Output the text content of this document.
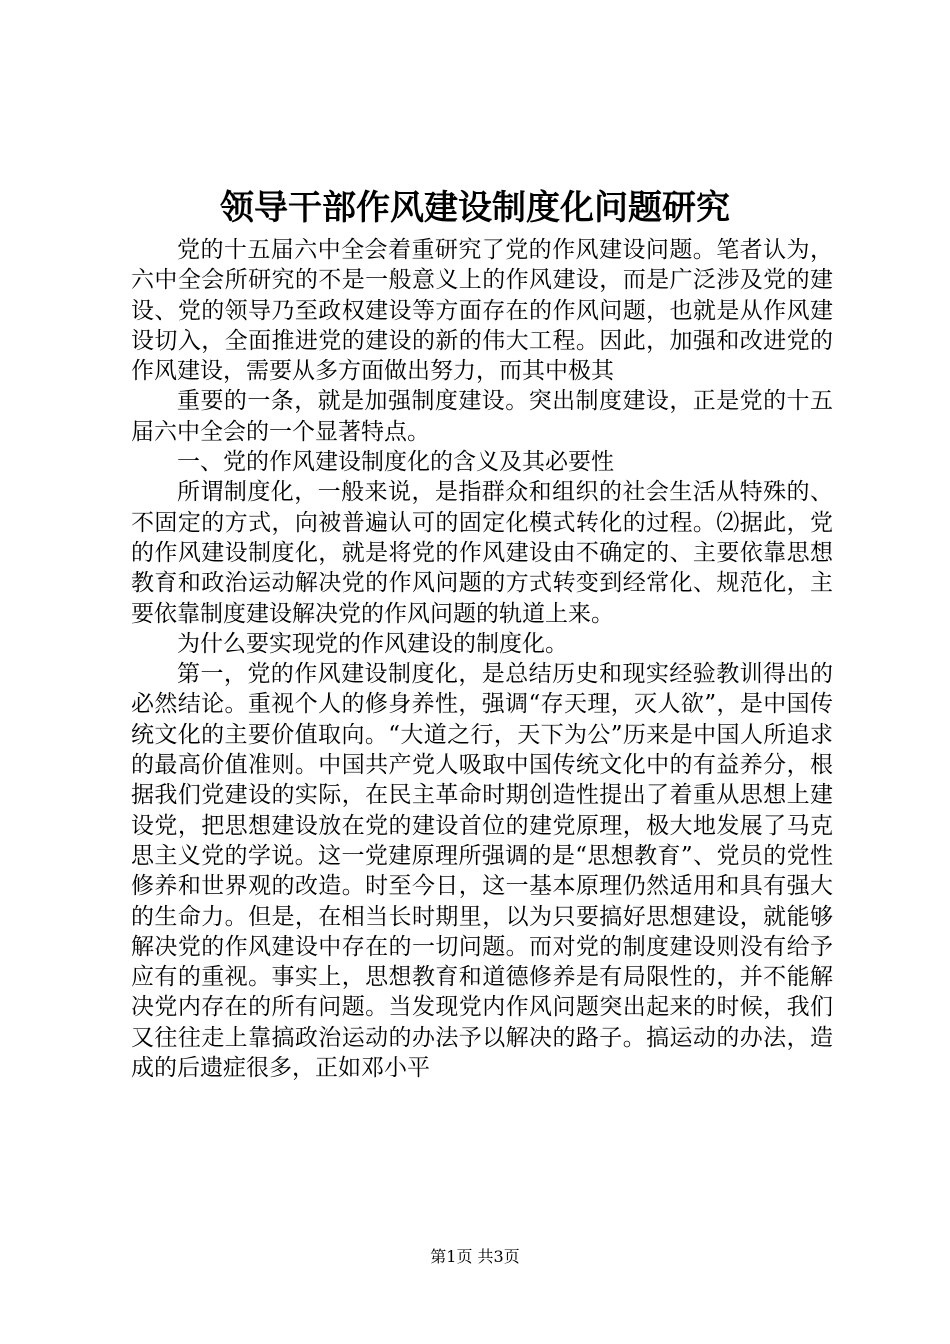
领导干部作风建设制度化问题研究

党的十五届六中全会着重研究了党的作风建设问题。笔者认为，六中全会所研究的不是一般意义上的作风建设，而是广泛涉及党的建设、党的领导乃至政权建设等方面存在的作风问题，也就是从作风建设切入，全面推进党的建设的新的伟大工程。因此，加强和改进党的作风建设，需要从多方面做出努力，而其中极其

重要的一条，就是加强制度建设。突出制度建设，正是党的十五届六中全会的一个显著特点。

一、党的作风建设制度化的含义及其必要性

所谓制度化，一般来说，是指群众和组织的社会生活从特殊的、不固定的方式，向被普遍认可的固定化模式转化的过程。⑵据此，党的作风建设制度化，就是将党的作风建设由不确定的、主要依靠思想教育和政治运动解决党的作风问题的方式转变到经常化、规范化，主要依靠制度建设解决党的作风问题的轨道上来。

为什么要实现党的作风建设的制度化。

第一，党的作风建设制度化，是总结历史和现实经验教训得出的必然结论。重视个人的修身养性，强调“存天理，灭人欲”，是中国传统文化的主要价值取向。“大道之行，天下为公”历来是中国人所追求的最高价值准则。中国共产党人吸取中国传统文化中的有益养分，根据我们党建设的实际，在民主革命时期创造性提出了着重从思想上建设党，把思想建设放在党的建设首位的建党原理，极大地发展了马克思主义党的学说。这一党建原理所强调的是“思想教育”、党员的党性修养和世界观的改造。时至今日，这一基本原理仍然适用和具有强大的生命力。但是，在相当长时期里，以为只要搞好思想建设，就能够解决党的作风建设中存在的一切问题。而对党的制度建设则没有给予应有的重视。事实上，思想教育和道德修养是有局限性的，并不能解决党内存在的所有问题。当发现党内作风问题突出起来的时候，我们又往往走上靠搞政治运动的办法予以解决的路子。搞运动的办法，造成的后遗症很多，正如邓小平

第1页 共3页
